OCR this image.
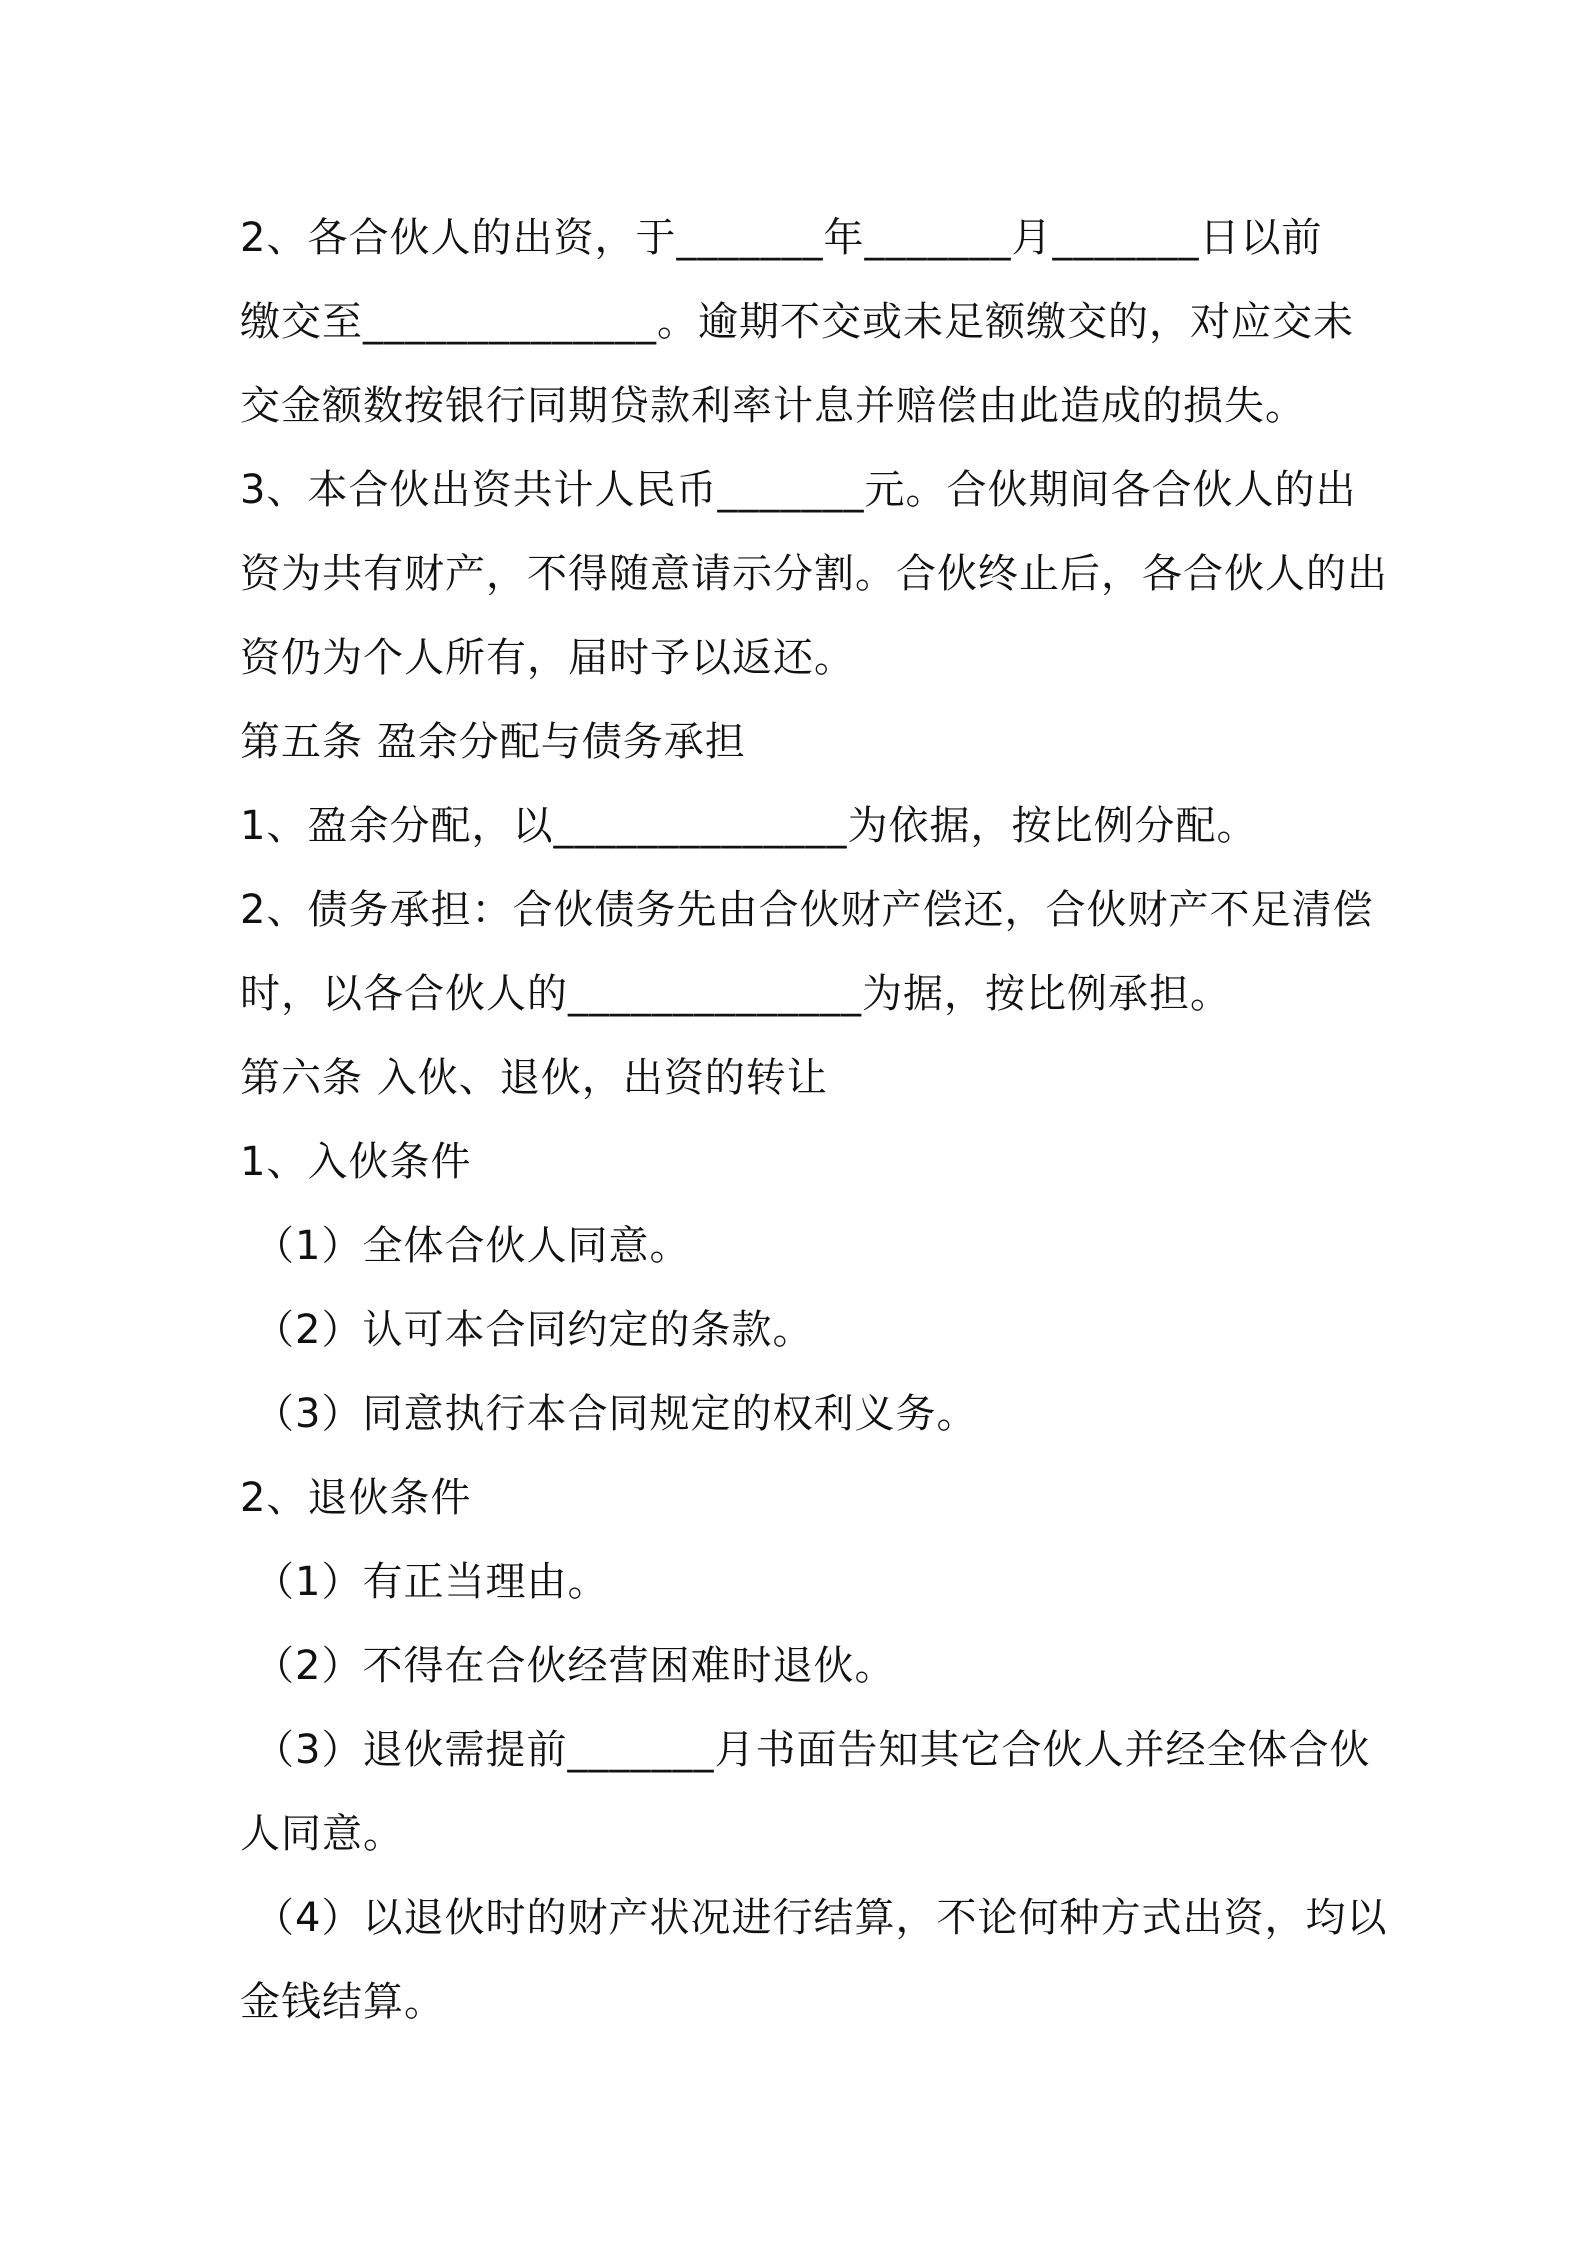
2、各合伙人的出资，于_______年_______月_______日以前
缴交至______________。逾期不交或未足额缴交的，对应交未
交金额数按银行同期贷款利率计息并赔偿由此造成的损失。
3、本合伙出资共计人民币_______元。合伙期间各合伙人的出
资为共有财产，不得随意请示分割。合伙终止后，各合伙人的出
资仍为个人所有，届时予以返还。
第五条 盈余分配与债务承担
1、盈余分配，以______________为依据，按比例分配。
2、债务承担：合伙债务先由合伙财产偿还，合伙财产不足清偿
时，以各合伙人的______________为据，按比例承担。
第六条 入伙、退伙，出资的转让
1、入伙条件
（1）全体合伙人同意。
（2）认可本合同约定的条款。
（3）同意执行本合同规定的权利义务。
2、退伙条件
（1）有正当理由。
（2）不得在合伙经营困难时退伙。
（3）退伙需提前_______月书面告知其它合伙人并经全体合伙
人同意。
（4）以退伙时的财产状况进行结算，不论何种方式出资，均以
金钱结算。
